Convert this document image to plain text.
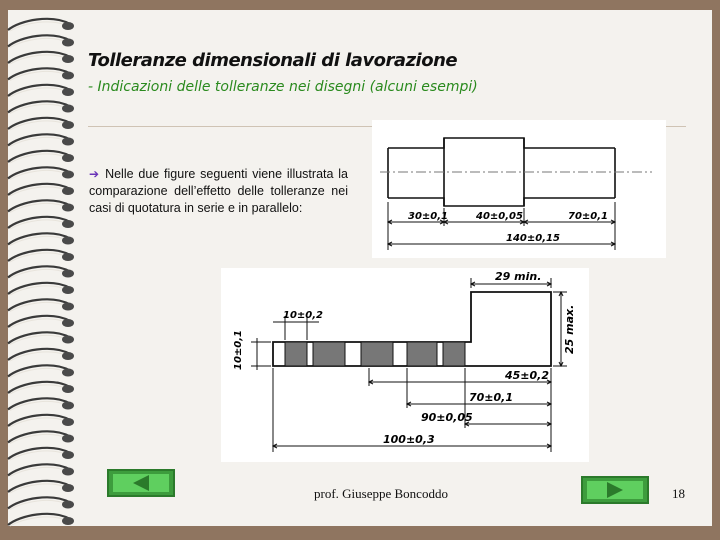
Tolleranze dimensionali di lavorazione

- Indicazioni delle tolleranze nei disegni (alcuni esempi)

➔ Nelle due figure seguenti viene illustrata la comparazione dell’effetto delle tolleranze nei casi di quotatura in serie e in parallelo:

30±0,1	40±0,05	70±0,1
140±0,15
29 min.
25 max.
10±0,2
10±0,1
45±0,2
70±0,1
90±0,05
100±0,3
prof. Giuseppe Boncoddo	18
